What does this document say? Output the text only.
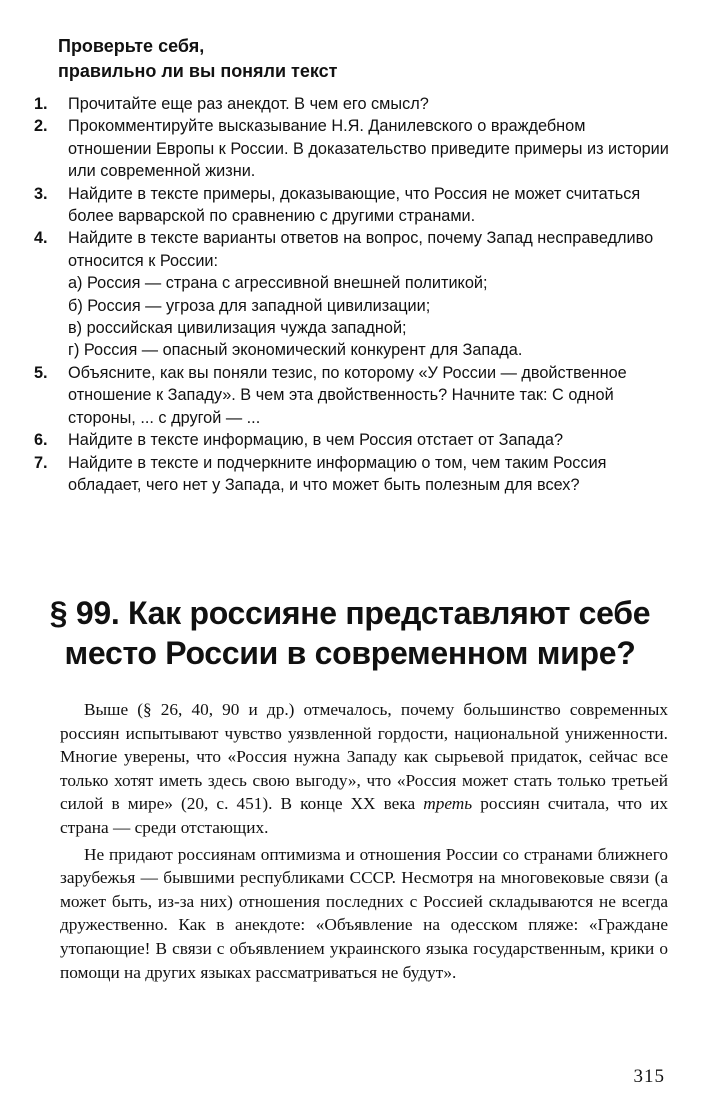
Проверьте себя,
правильно ли вы поняли текст
1.	Прочитайте еще раз анекдот. В чем его смысл?
2.	Прокомментируйте высказывание Н.Я. Данилевского о враждебном отношении Европы к России. В доказательство приведите примеры из истории или современной жизни.
3.	Найдите в тексте примеры, доказывающие, что Россия не может считаться более варварской по сравнению с другими странами.
4.	Найдите в тексте варианты ответов на вопрос, почему Запад несправедливо относится к России:
а) Россия — страна с агрессивной внешней политикой;
б) Россия — угроза для западной цивилизации;
в) российская цивилизация чужда западной;
г) Россия — опасный экономический конкурент для Запада.
5.	Объясните, как вы поняли тезис, по которому «У России — двойственное отношение к Западу». В чем эта двойственность? Начните так: С одной стороны, ... с другой — ...
6.	Найдите в тексте информацию, в чем Россия отстает от Запада?
7.	Найдите в тексте и подчеркните информацию о том, чем таким Россия обладает, чего нет у Запада, и что может быть полезным для всех?
§ 99. Как россияне представляют себе место России в современном мире?

Выше (§ 26, 40, 90 и др.) отмечалось, почему большинство современных россиян испытывают чувство уязвленной гордости, национальной униженности. Многие уверены, что «Россия нужна Западу как сырьевой придаток, сейчас все только хотят иметь здесь свою выгоду», что «Россия может стать только третьей силой в мире» (20, с. 451). В конце XX века треть россиян считала, что их страна — среди отстающих.

Не придают россиянам оптимизма и отношения России со странами ближнего зарубежья — бывшими республиками СССР. Несмотря на многовековые связи (а может быть, из-за них) отношения последних с Россией складываются не всегда дружественно. Как в анекдоте: «Объявление на одесском пляже: «Граждане утопающие! В связи с объявлением украинского языка государственным, крики о помощи на других языках рассматриваться не будут».

315
